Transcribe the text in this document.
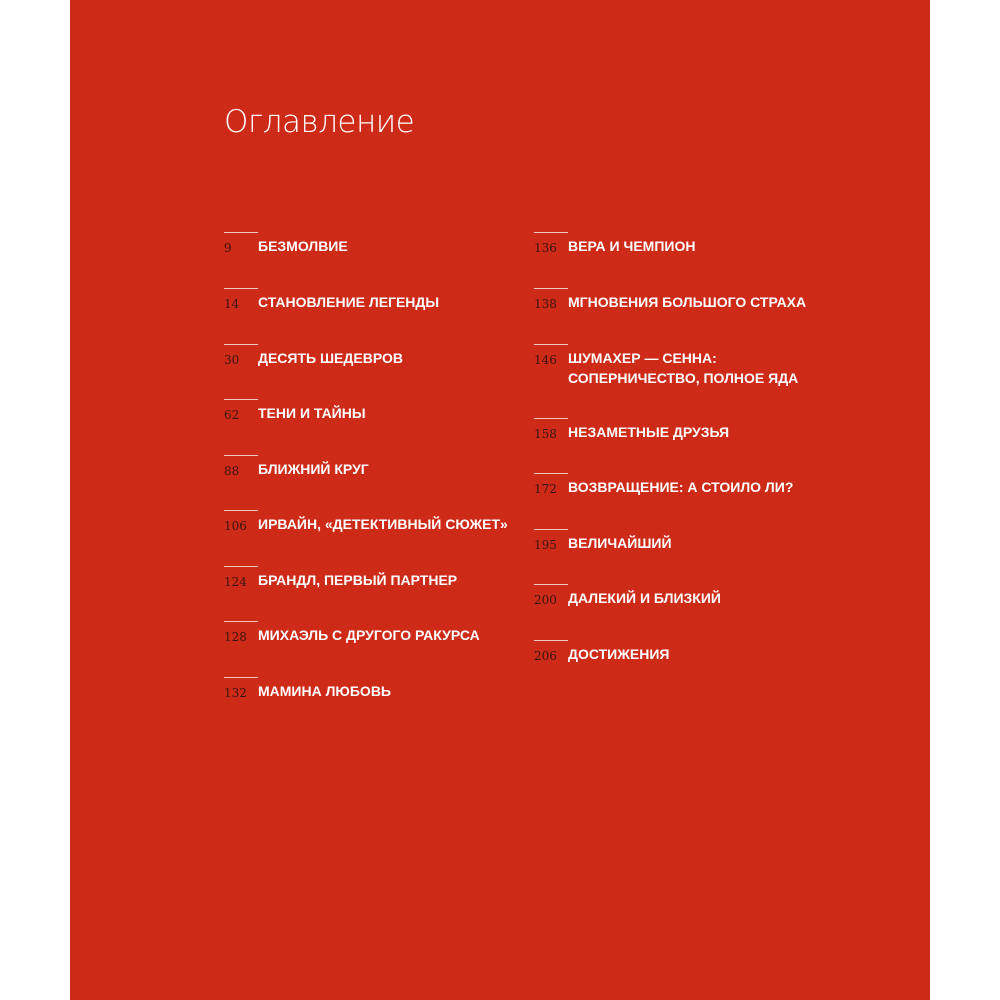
Оглавление
9	БЕЗМОЛВИЕ
14	СТАНОВЛЕНИЕ ЛЕГЕНДЫ
30	ДЕСЯТЬ ШЕДЕВРОВ
62	ТЕНИ И ТАЙНЫ
88	БЛИЖНИЙ КРУГ
106 ИРВАЙН, «ДЕТЕКТИВНЫЙ СЮЖЕТ»
124 БРАНДЛ, ПЕРВЫЙ ПАРТНЕР
128 МИХАЭЛЬ С ДРУГОГО РАКУРСА
132 МАМИНА ЛЮБОВЬ
136 ВЕРА И ЧЕМПИОН
138 МГНОВЕНИЯ БОЛЬШОГО СТРАХА
146 ШУМАХЕР — СЕННА:
СОПЕРНИЧЕСТВО, ПОЛНОЕ ЯДА
158 НЕЗАМЕТНЫЕ ДРУЗЬЯ
172 ВОЗВРАЩЕНИЕ: А СТОИЛО ЛИ?
195 ВЕЛИЧАЙШИЙ
200 ДАЛЕКИЙ И БЛИЗКИЙ
206 ДОСТИЖЕНИЯ
